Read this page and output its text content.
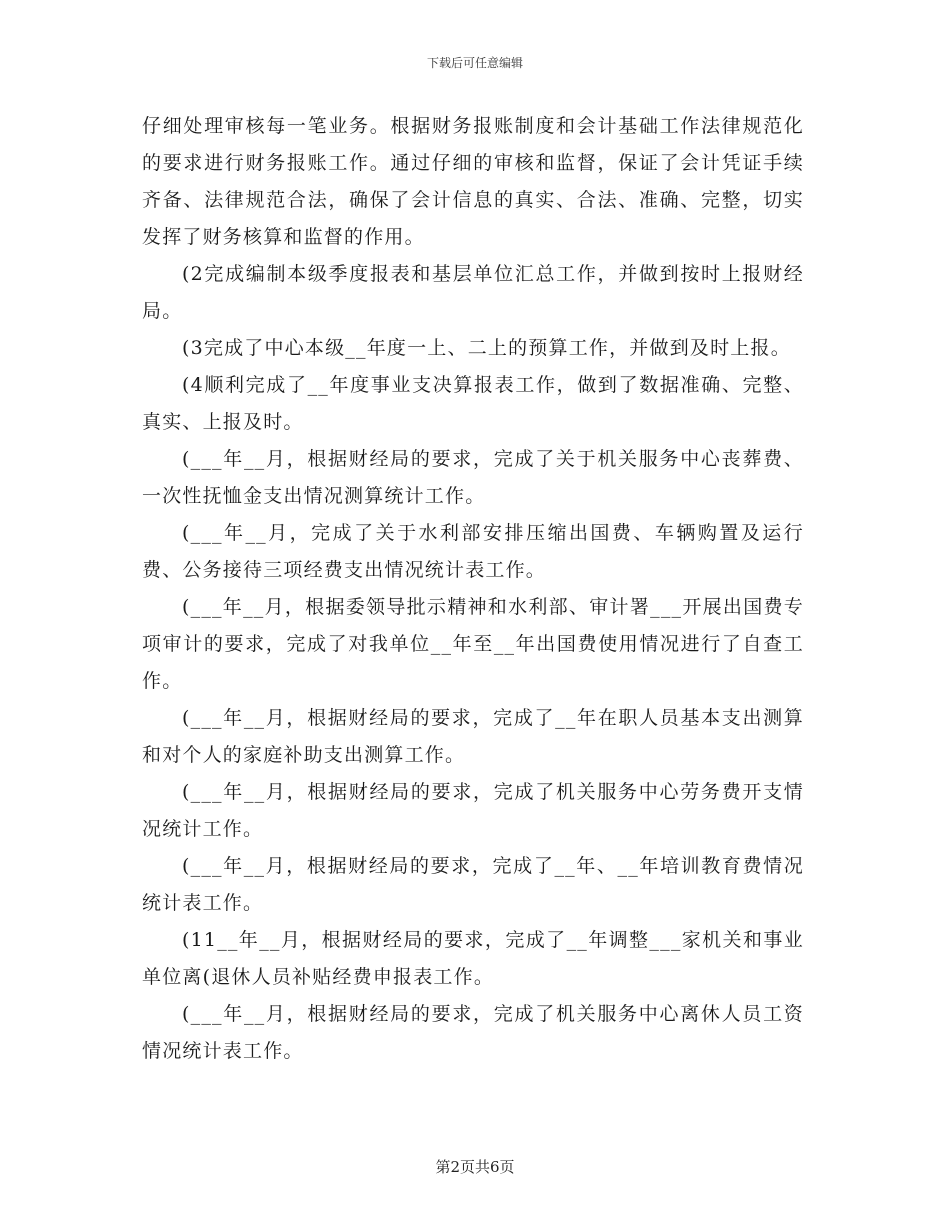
下载后可任意编辑

仔细处理审核每一笔业务。根据财务报账制度和会计基础工作法律规范化的要求进行财务报账工作。通过仔细的审核和监督，保证了会计凭证手续齐备、法律规范合法，确保了会计信息的真实、合法、准确、完整，切实发挥了财务核算和监督的作用。

(2完成编制本级季度报表和基层单位汇总工作，并做到按时上报财经局。

(3完成了中心本级__年度一上、二上的预算工作，并做到及时上报。

(4顺利完成了__年度事业支决算报表工作，做到了数据准确、完整、真实、上报及时。

(___年__月，根据财经局的要求，完成了关于机关服务中心丧葬费、一次性抚恤金支出情况测算统计工作。

(___年__月，完成了关于水利部安排压缩出国费、车辆购置及运行费、公务接待三项经费支出情况统计表工作。

(___年__月，根据委领导批示精神和水利部、审计署___开展出国费专项审计的要求，完成了对我单位__年至__年出国费使用情况进行了自查工作。

(___年__月，根据财经局的要求，完成了__年在职人员基本支出测算和对个人的家庭补助支出测算工作。

(___年__月，根据财经局的要求，完成了机关服务中心劳务费开支情况统计工作。

(___年__月，根据财经局的要求，完成了__年、__年培训教育费情况统计表工作。

(11__年__月，根据财经局的要求，完成了__年调整___家机关和事业单位离(退休人员补贴经费申报表工作。

(___年__月，根据财经局的要求，完成了机关服务中心离休人员工资情况统计表工作。

第2页共6页
